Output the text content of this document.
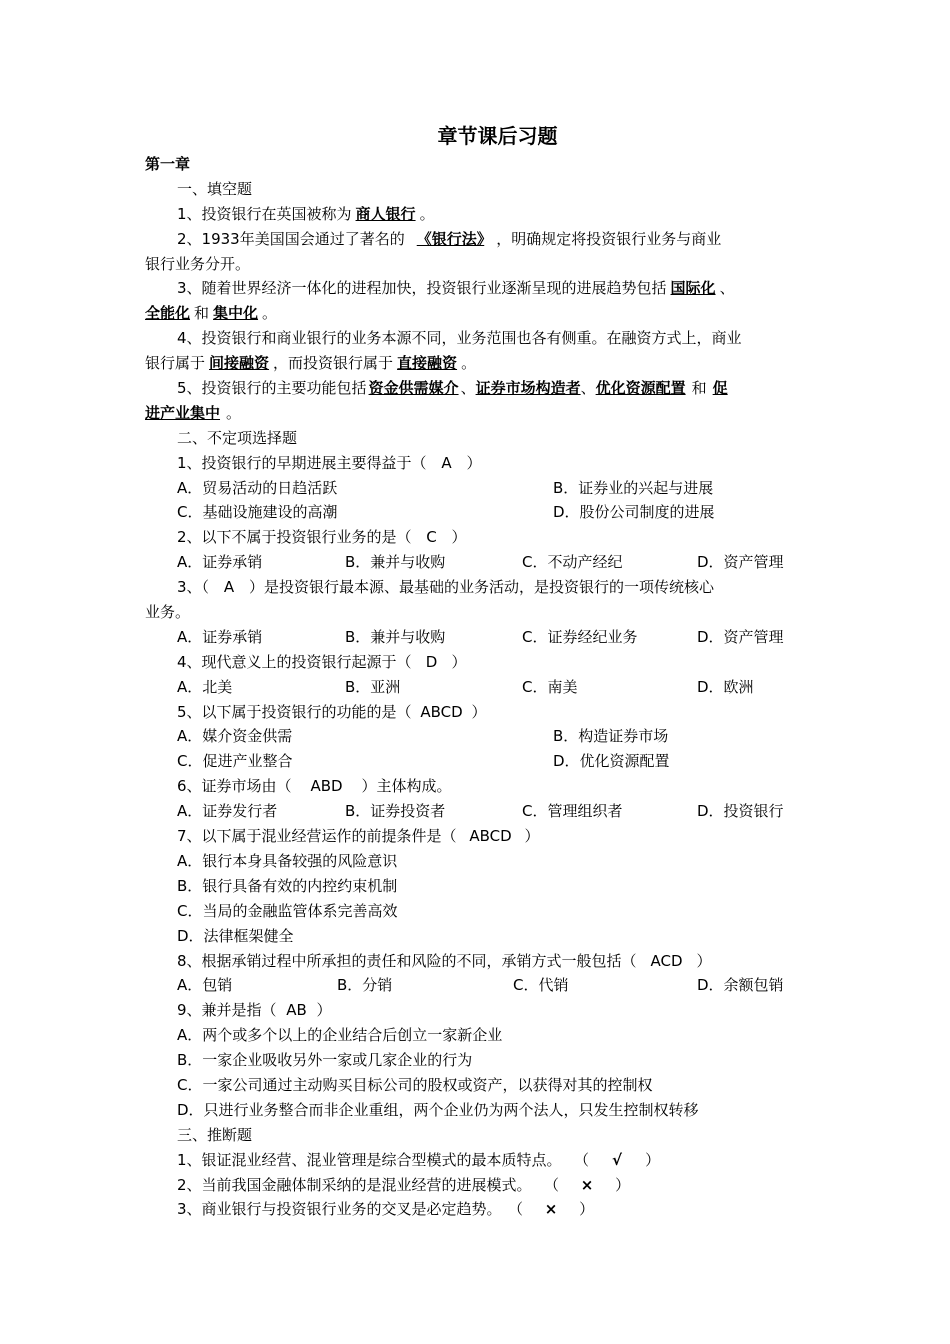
章节课后习题
第一章
一、填空题
1、投资银行在英国被称为 商人银行 。
2、1933年美国国会通过了著名的 《银行法》 ，明确规定将投资银行业务与商业
银行业务分开。
3、随着世界经济一体化的进程加快，投资银行业逐渐呈现的进展趋势包括 国际化 、
全能化 和 集中化 。
4、投资银行和商业银行的业务本源不同，业务范围也各有侧重。在融资方式上，商业
银行属于 间接融资 ，而投资银行属于 直接融资 。
5、投资银行的主要功能包括 资金供需媒介 、证券市场构造者、优化资源配置 和 促
进产业集中 。
二、不定项选择题
1、投资银行的早期进展主要得益于（ A ）
A．贸易活动的日趋活跃	B．证券业的兴起与进展
C．基础设施建设的高潮	D．股份公司制度的进展
2、以下不属于投资银行业务的是（ C ）
A．证券承销	B．兼并与收购	C．不动产经纪	D．资产管理
3、（ A ）是投资银行最本源、最基础的业务活动，是投资银行的一项传统核心
业务。
A．证券承销	B．兼并与收购	C．证券经纪业务	D．资产管理
4、现代意义上的投资银行起源于（ D ）
A．北美	B．亚洲	C．南美	D．欧洲
5、以下属于投资银行的功能的是（ ABCD ）
A．媒介资金供需	B．构造证券市场
C．促进产业整合	D．优化资源配置
6、证券市场由（ ABD ）主体构成。
A．证券发行者	B．证券投资者	C．管理组织者	D．投资银行
7、以下属于混业经营运作的前提条件是（ ABCD ）
A．银行本身具备较强的风险意识
B．银行具备有效的内控约束机制
C．当局的金融监管体系完善高效
D．法律框架健全
8、根据承销过程中所承担的责任和风险的不同，承销方式一般包括（ ACD ）
A．包销	B．分销	C．代销	D．余额包销
9、兼并是指（ AB ）
A．两个或多个以上的企业结合后创立一家新企业
B．一家企业吸收另外一家或几家企业的行为
C．一家公司通过主动购买目标公司的股权或资产，以获得对其的控制权
D．只进行业务整合而非企业重组，两个企业仍为两个法人，只发生控制权转移
三、推断题
1、银证混业经营、混业管理是综合型模式的最本质特点。 （ √ ）
2、当前我国金融体制采纳的是混业经营的进展模式。 （ × ）
3、商业银行与投资银行业务的交叉是必定趋势。 （ × ）
